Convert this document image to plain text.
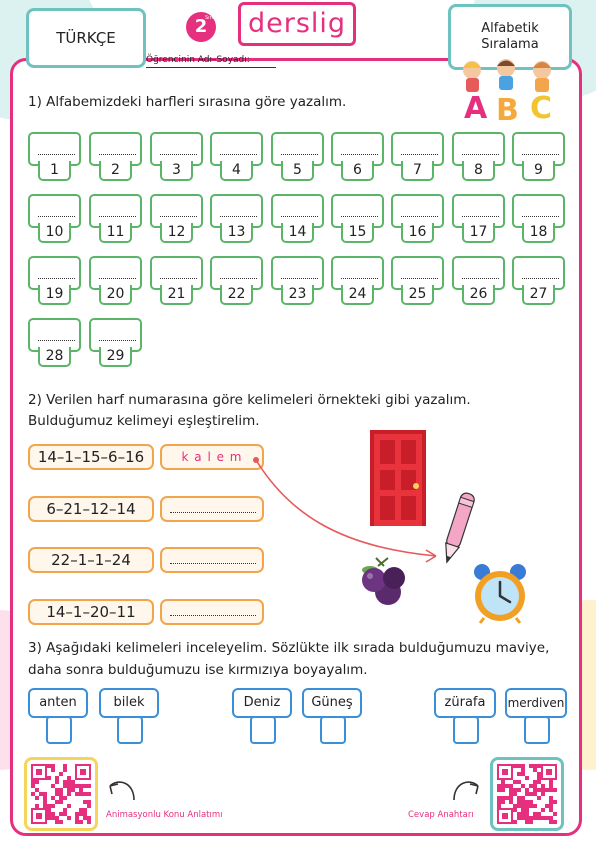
TÜRKÇE
2
Sınıf	derslig	Alfabetik
Sıralama
Öğrencinin Adı–Soyadı:
A B C
1) Alfabemizdeki harfleri sırasına göre yazalım.
1	2	3	4	5	6	7	8	9
10	11	12	13	14	15	16	17	18
19	20	21	22	23	24	25	26	27
28	29
2) Verilen harf numarasına göre kelimeleri örnekteki gibi yazalım.
Bulduğumuz kelimeyi eşleştirelim.
14–1–15–6–16	k a l e m
6–21–12–14
22–1–1–24
14–1–20–11
3) Aşağıdaki kelimeleri inceleyelim. Sözlükte ilk sırada bulduğumuzu maviye,
daha sonra bulduğumuzu ise kırmızıya boyayalım.
anten	bilek	Deniz	Güneş	zürafa	merdiven
Animasyonlu Konu Anlatımı	Cevap Anahtarı
